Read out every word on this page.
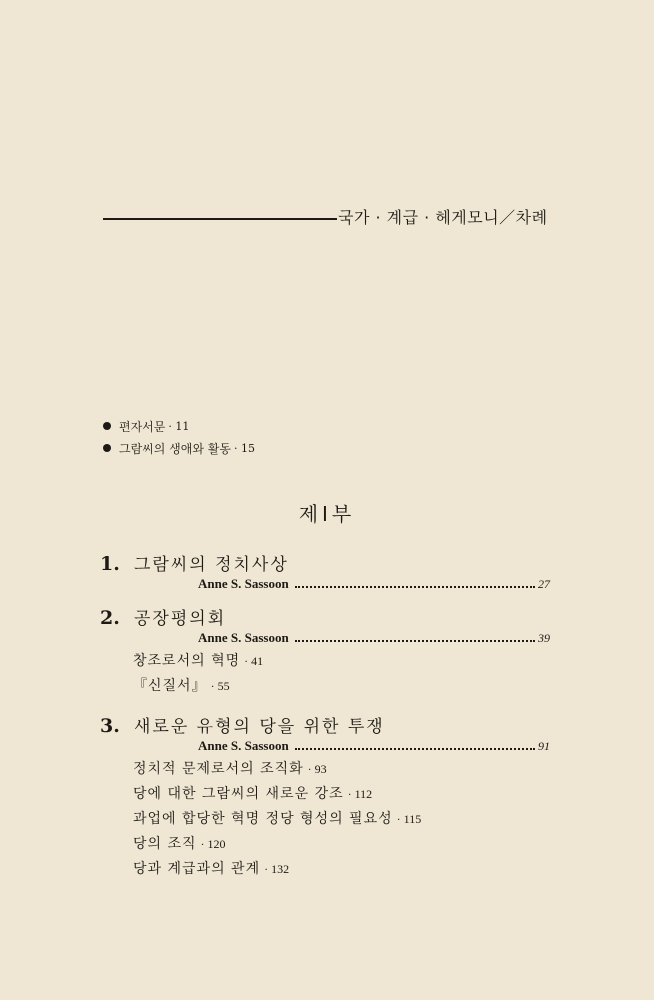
국가 · 계급 · 헤게모니／차례
편자서문 · 11
그람씨의 생애와 활동 · 15
제Ⅰ부
1. 그람씨의 정치사상
Anne S. Sassoon	27
2. 공장평의회
Anne S. Sassoon	39
창조로서의 혁명 · 41
『신질서』 · 55
3. 새로운 유형의 당을 위한 투쟁
Anne S. Sassoon	91
정치적 문제로서의 조직화 · 93
당에 대한 그람씨의 새로운 강조 · 112
과업에 합당한 혁명 정당 형성의 필요성 · 115
당의 조직 · 120
당과 계급과의 관계 · 132
